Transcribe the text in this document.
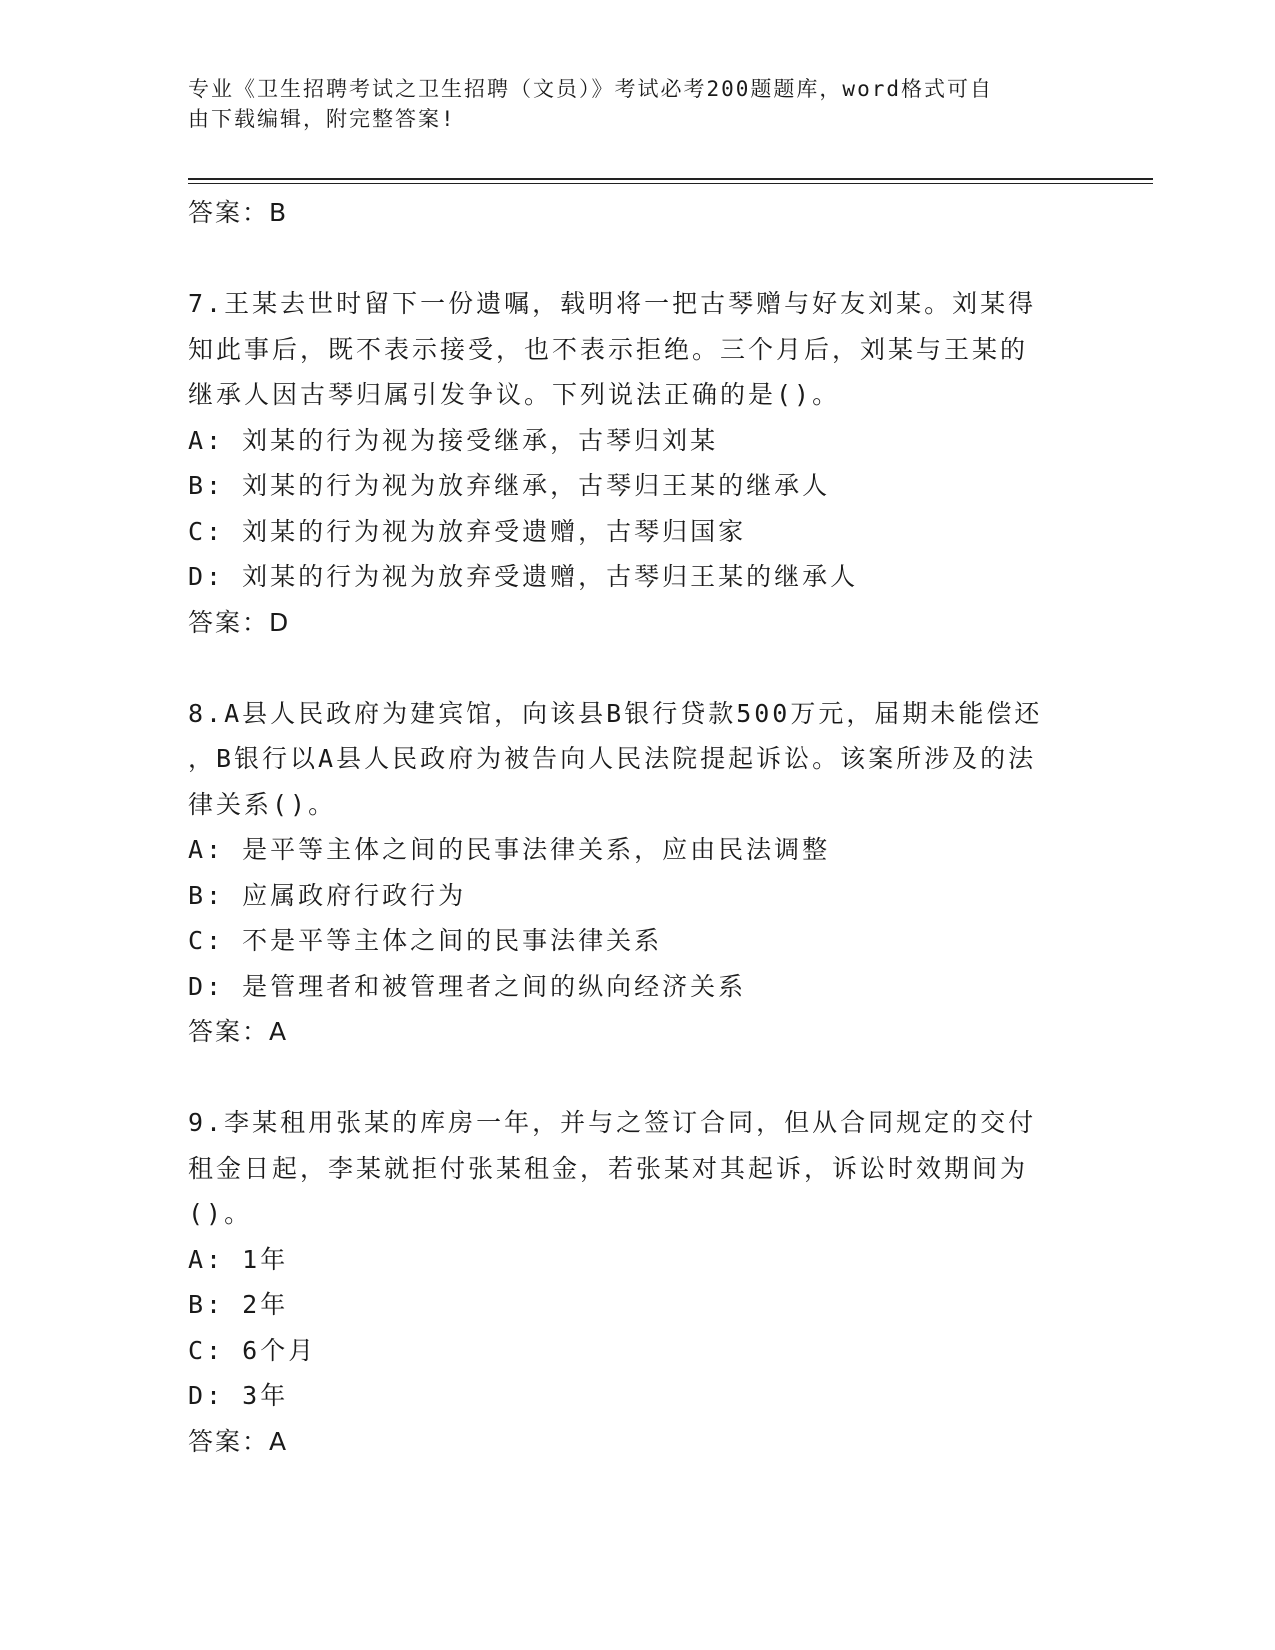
专业《卫生招聘考试之卫生招聘（文员）》考试必考200题题库，word格式可自
由下载编辑，附完整答案!
答案：B
7.王某去世时留下一份遗嘱，载明将一把古琴赠与好友刘某。刘某得
知此事后，既不表示接受，也不表示拒绝。三个月后，刘某与王某的
继承人因古琴归属引发争议。下列说法正确的是()。
A: 刘某的行为视为接受继承，古琴归刘某
B: 刘某的行为视为放弃继承，古琴归王某的继承人
C: 刘某的行为视为放弃受遗赠，古琴归国家
D: 刘某的行为视为放弃受遗赠，古琴归王某的继承人
答案：D
8.A县人民政府为建宾馆，向该县B银行贷款500万元，届期未能偿还
，B银行以A县人民政府为被告向人民法院提起诉讼。该案所涉及的法
律关系()。
A: 是平等主体之间的民事法律关系，应由民法调整
B: 应属政府行政行为
C: 不是平等主体之间的民事法律关系
D: 是管理者和被管理者之间的纵向经济关系
答案：A
9.李某租用张某的库房一年，并与之签订合同，但从合同规定的交付
租金日起，李某就拒付张某租金，若张某对其起诉，诉讼时效期间为
()。
A: 1年
B: 2年
C: 6个月
D: 3年
答案：A
